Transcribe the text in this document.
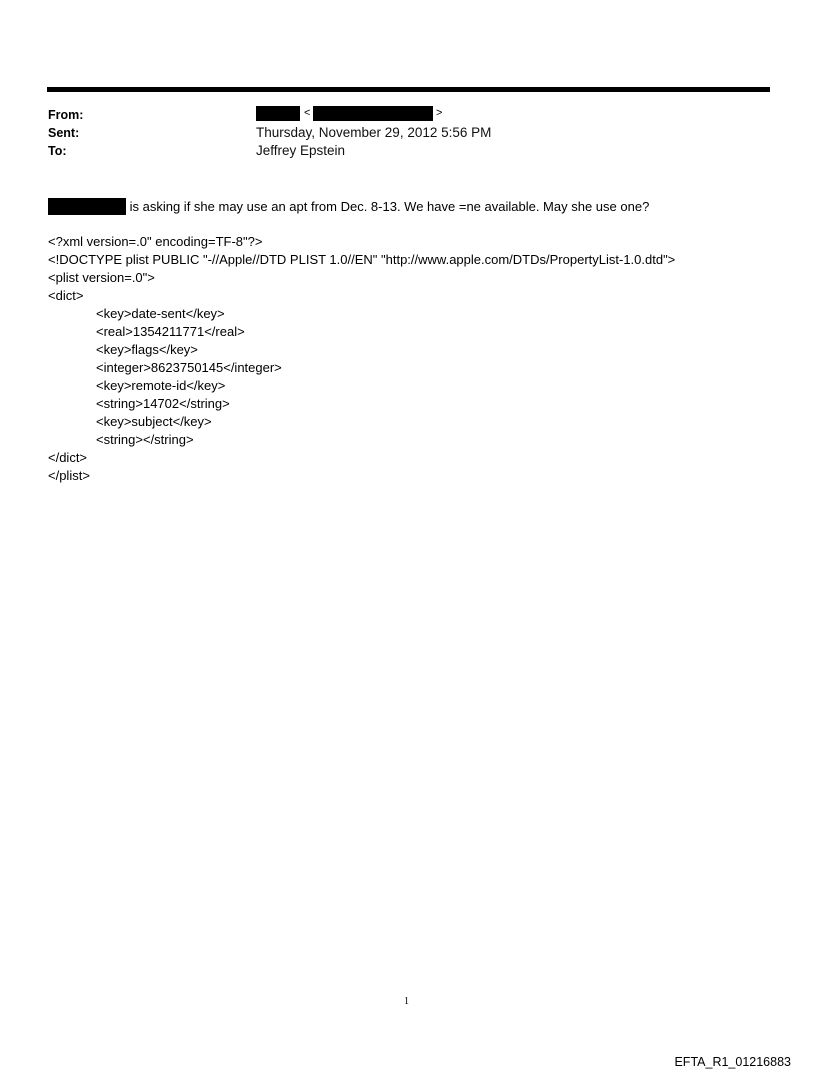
From:
Sent:
To:
<	>
Thursday, November 29, 2012 5:56 PM
Jeffrey Epstein
is asking if she may use an apt from Dec. 8-13. We have =ne available. May she use one?
<?xml version=.0" encoding=TF-8"?>
<!DOCTYPE plist PUBLIC "-//Apple//DTD PLIST 1.0//EN" "http://www.apple.com/DTDs/PropertyList-1.0.dtd">
<plist version=.0">
<dict>
<key>date-sent</key>
<real>1354211771</real>
<key>flags</key>
<integer>8623750145</integer>
<key>remote-id</key>
<string>14702</string>
<key>subject</key>
<string></string>
</dict>
</plist>
1
EFTA_R1_01216883
